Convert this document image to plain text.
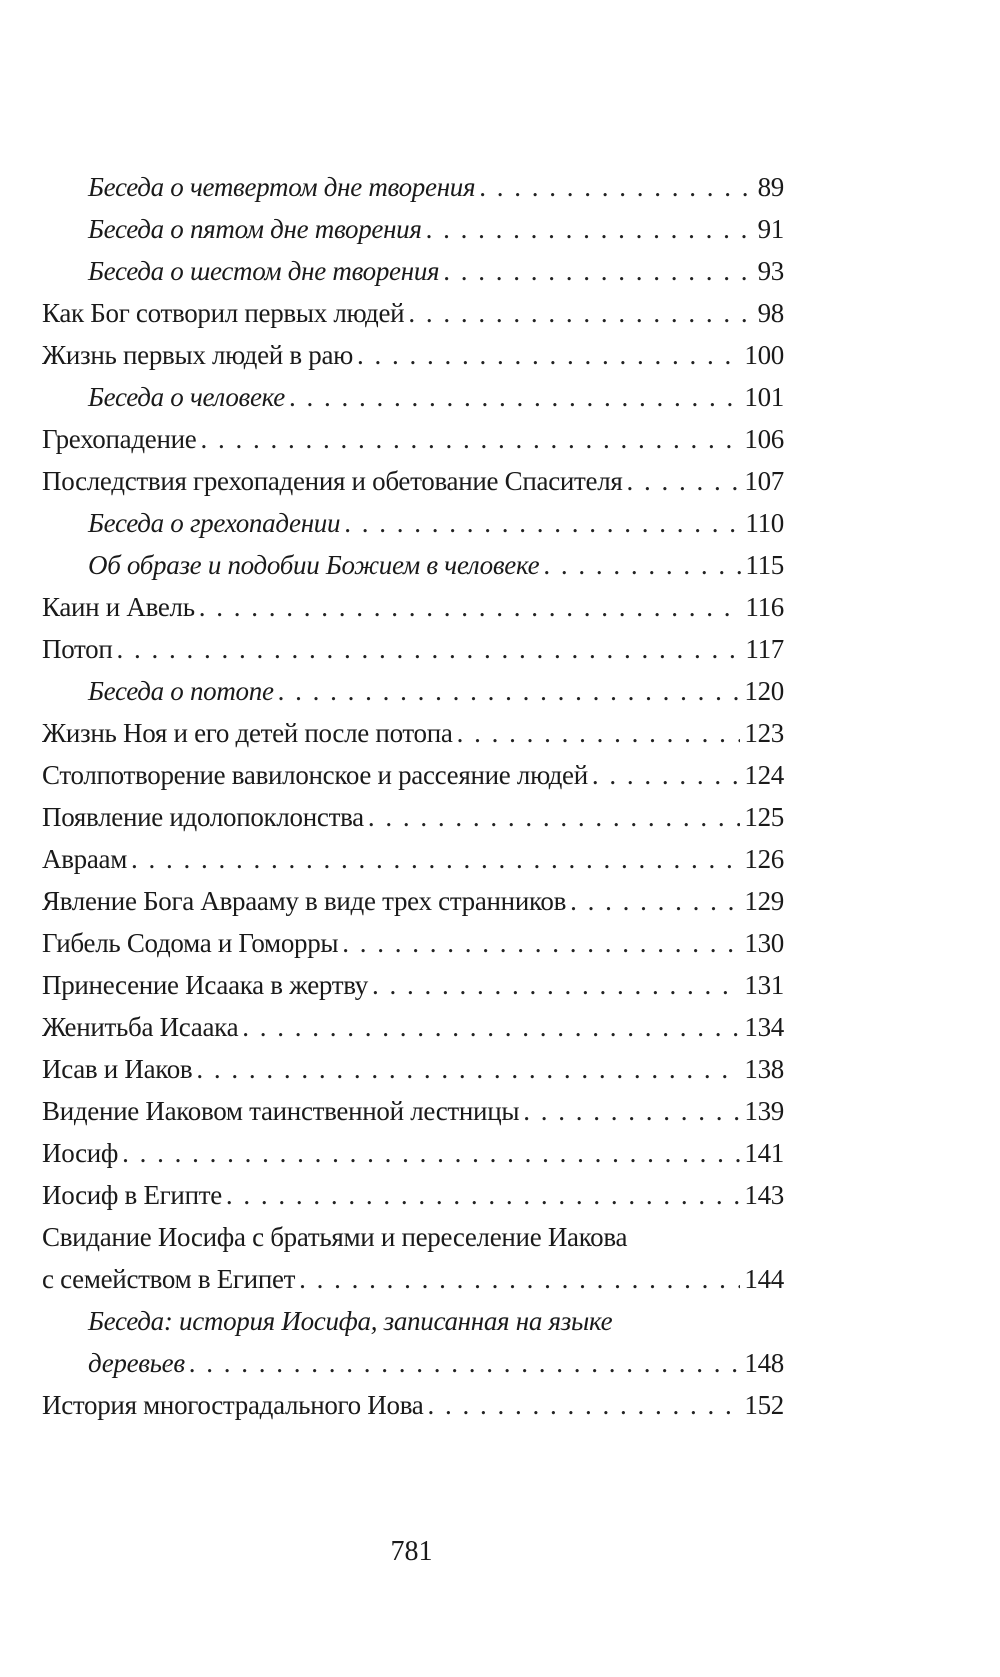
Беседа о четвертом дне творения . . .	89
Беседа о пятом дне творения . . .	91
Беседа о шестом дне творения . . .	93
Как Бог сотворил первых людей . . .	98
Жизнь первых людей в раю . . .	100
Беседа о человеке . . .	101
Грехопадение . . .	106
Последствия грехопадения и обетование Спасителя . . .	107
Беседа о грехопадении . . .	110
Об образе и подобии Божием в человеке . . .	115
Каин и Авель . . .	116
Потоп . . .	117
Беседа о потопе . . .	120
Жизнь Ноя и его детей после потопа . . .	123
Столпотворение вавилонское и рассеяние людей . . .	124
Появление идолопоклонства . . .	125
Авраам . . .	126
Явление Бога Аврааму в виде трех странников . . .	129
Гибель Содома и Гоморры . . .	130
Принесение Исаака в жертву . . .	131
Женитьба Исаака . . .	134
Исав и Иаков . . .	138
Видение Иаковом таинственной лестницы . . .	139
Иосиф . . .	141
Иосиф в Египте . . .	143
Свидание Иосифа с братьями и переселение Иакова
с семейством в Египет . . .	144
Беседа: история Иосифа, записанная на языке
деревьев . . .	148
История многострадального Иова . . .	152
781
